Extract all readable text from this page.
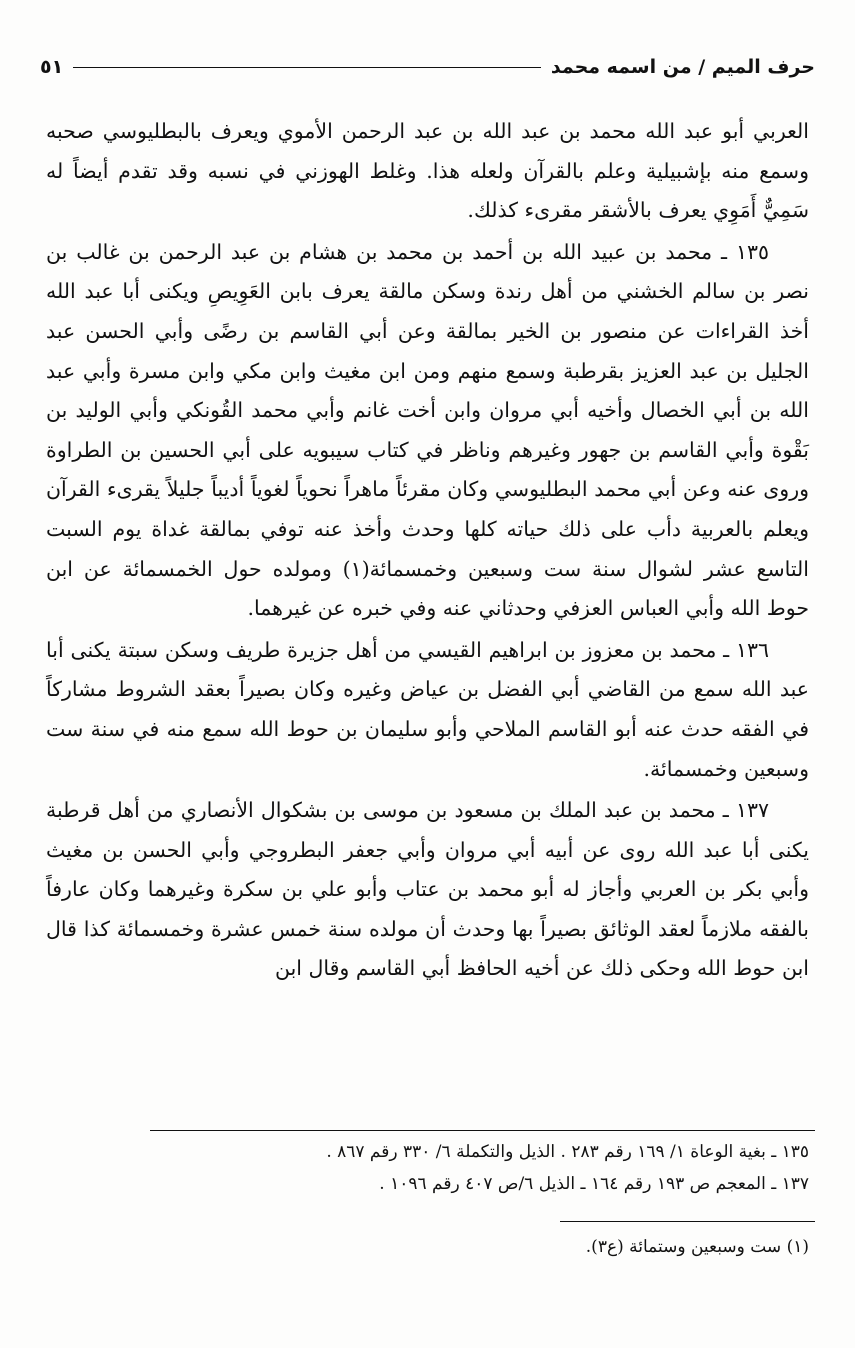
حرف الميم / من اسمه محمد
٥١

العربي أبو عبد الله محمد بن عبد الله بن عبد الرحمن الأموي ويعرف بالبطليوسي صحبه وسمع منه بإشبيلية وعلم بالقرآن ولعله هذا. وغلط الهوزني في نسبه وقد تقدم أيضاً له سَمِيٌّ أَمَوِي يعرف بالأشقر مقرىء كذلك.

١٣٥ ـ محمد بن عبيد الله بن أحمد بن محمد بن هشام بن عبد الرحمن بن غالب بن نصر بن سالم الخشني من أهل رندة وسكن مالقة يعرف بابن العَوِيصِ ويكنى أبا عبد الله أخذ القراءات عن منصور بن الخير بمالقة وعن أبي القاسم بن رضًى وأبي الحسن عبد الجليل بن عبد العزيز بقرطبة وسمع منهم ومن ابن مغيث وابن مكي وابن مسرة وأبي عبد الله بن أبي الخصال وأخيه أبي مروان وابن أخت غانم وأبي محمد القُونكي وأبي الوليد بن بَقْوة وأبي القاسم بن جهور وغيرهم وناظر في كتاب سيبويه على أبي الحسين بن الطراوة وروى عنه وعن أبي محمد البطليوسي وكان مقرئاً ماهراً نحوياً لغوياً أديباً جليلاً يقرىء القرآن ويعلم بالعربية دأب على ذلك حياته كلها وحدث وأخذ عنه توفي بمالقة غداة يوم السبت التاسع عشر لشوال سنة ست وسبعين وخمسمائة(١) ومولده حول الخمسمائة عن ابن حوط الله وأبي العباس العزفي وحدثاني عنه وفي خبره عن غيرهما.

١٣٦ ـ محمد بن معزوز بن ابراهيم القيسي من أهل جزيرة طريف وسكن سبتة يكنى أبا عبد الله سمع من القاضي أبي الفضل بن عياض وغيره وكان بصيراً بعقد الشروط مشاركاً في الفقه حدث عنه أبو القاسم الملاحي وأبو سليمان بن حوط الله سمع منه في سنة ست وسبعين وخمسمائة.

١٣٧ ـ محمد بن عبد الملك بن مسعود بن موسى بن بشكوال الأنصاري من أهل قرطبة يكنى أبا عبد الله روى عن أبيه أبي مروان وأبي جعفر البطروجي وأبي الحسن بن مغيث وأبي بكر بن العربي وأجاز له أبو محمد بن عتاب وأبو علي بن سكرة وغيرهما وكان عارفاً بالفقه ملازماً لعقد الوثائق بصيراً بها وحدث أن مولده سنة خمس عشرة وخمسمائة كذا قال ابن حوط الله وحكى ذلك عن أخيه الحافظ أبي القاسم وقال ابن

١٣٥ ـ بغية الوعاة ١/ ١٦٩ رقم ٢٨٣ . الذيل والتكملة ٦/ ٣٣٠ رقم ٨٦٧ .
١٣٧ ـ المعجم ص ١٩٣ رقم ١٦٤ ـ الذيل ٦/ص ٤٠٧ رقم ١٠٩٦ .
(١) ست وسبعين وستمائة (ع٣).
